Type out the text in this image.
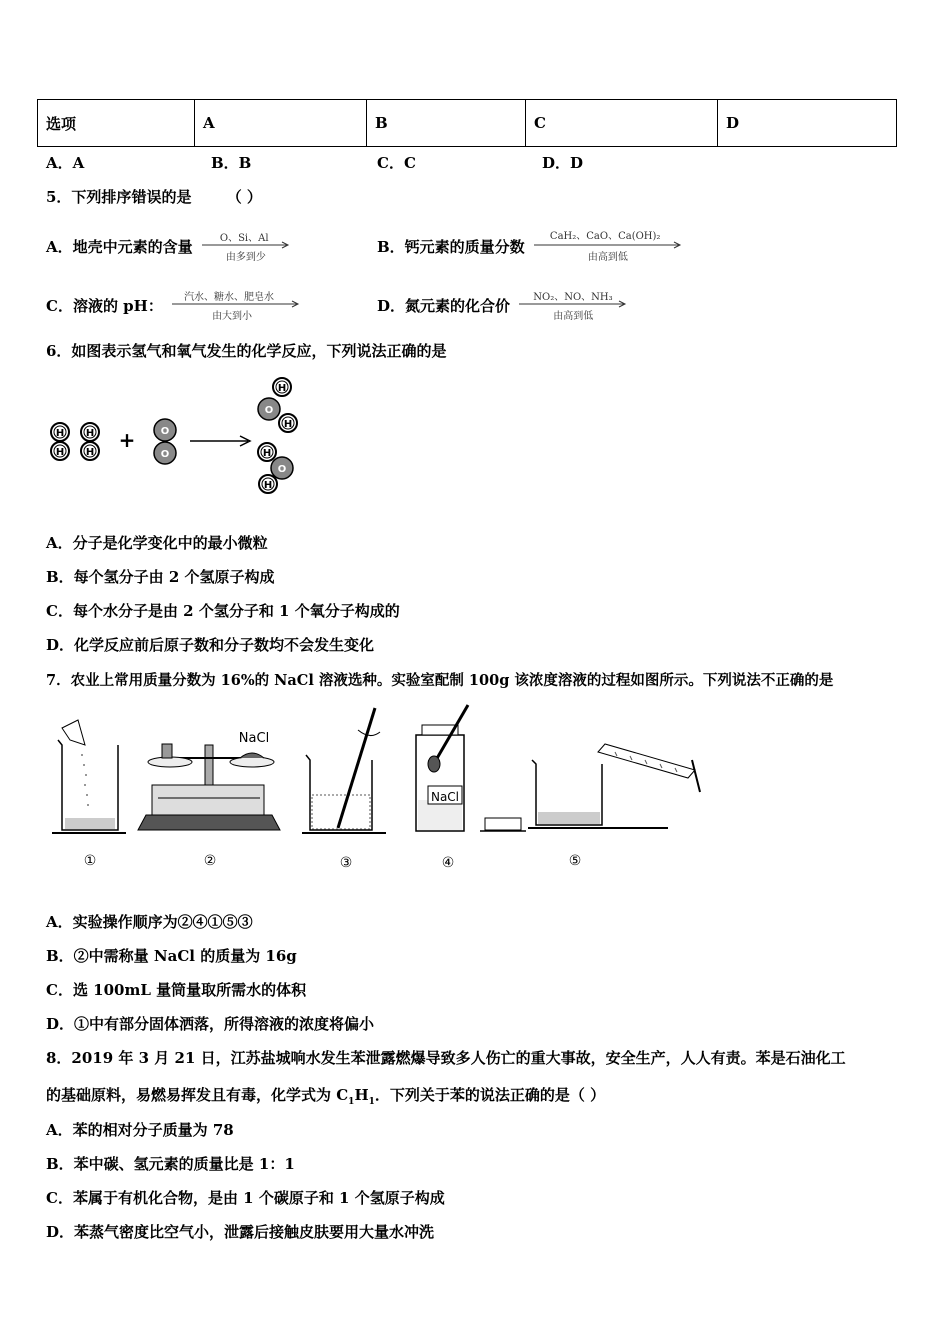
选项	A	B	C	D
A．A	B．B	C．C	D．D
5．下列排序错误的是 （ ）
A．地壳中元素的含量	O、Si、Al
由多到少
B．钙元素的质量分数
CaH₂、CaO、Ca(OH)₂
由高到低
C．溶液的 pH： 汽水、糖水、肥皂水
由大到小
D．氮元素的化合价 NO₂、NO、NH₃
由高到低
6．如图表示氢气和氧气发生的化学反应，下列说法正确的是
H
H
H
H
+	O
O
H
O
H
H
O
H
A．分子是化学变化中的最小微粒
B．每个氢分子由 2 个氢原子构成
C．每个水分子是由 2 个氢分子和 1 个氧分子构成的
D．化学反应前后原子数和分子数均不会发生变化
7．农业上常用质量分数为 16%的 NaCl 溶液选种。实验室配制 100g 该浓度溶液的过程如图所示。下列说法不正确的是
①
NaCl
②	③
NaCl
④	⑤
A．实验操作顺序为②④①⑤③
B．②中需称量 NaCl 的质量为 16g
C．选 100mL 量筒量取所需水的体积
D．①中有部分固体洒落，所得溶液的浓度将偏小
8．2019 年 3 月 21 日，江苏盐城响水发生苯泄露燃爆导致多人伤亡的重大事故，安全生产，人人有责。苯是石油化工
的基础原料，易燃易挥发且有毒，化学式为 $C_1H_1$．下列关于苯的说法正确的是（ ）
A．苯的相对分子质量为 78
B．苯中碳、氢元素的质量比是 1：1
C．苯属于有机化合物，是由 1 个碳原子和 1 个氢原子构成
D．苯蒸气密度比空气小，泄露后接触皮肤要用大量水冲洗
